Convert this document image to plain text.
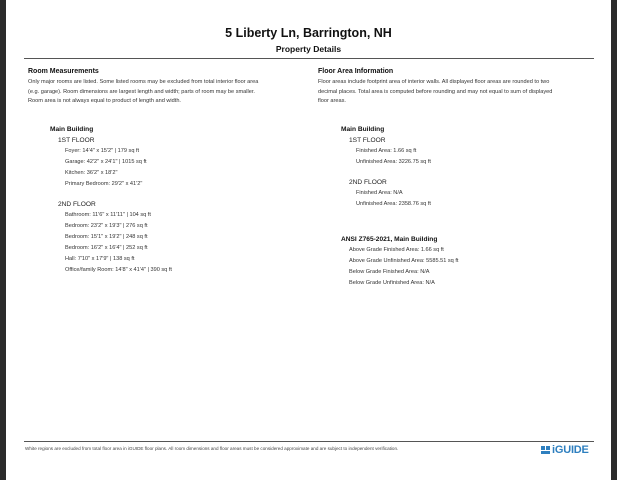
5 Liberty Ln, Barrington, NH
Property Details
Room Measurements
Only major rooms are listed. Some listed rooms may be excluded from total interior floor area
(e.g. garage). Room dimensions are largest length and width; parts of room may be smaller.
Room area is not always equal to product of length and width.
Main Building
1ST FLOOR
Foyer: 14'4" x 15'2" | 179 sq ft
Garage: 42'2" x 24'1" | 1015 sq ft
Kitchen: 36'2" x 18'2"
Primary Bedroom: 29'2" x 41'2"
2ND FLOOR
Bathroom: 11'6" x 11'11" | 104 sq ft
Bedroom: 23'2" x 19'3" | 276 sq ft
Bedroom: 15'1" x 19'2" | 248 sq ft
Bedroom: 16'2" x 16'4" | 252 sq ft
Hall: 7'10" x 17'9" | 138 sq ft
Office/family Room: 14'8" x 41'4" | 390 sq ft
Floor Area Information
Floor areas include footprint area of interior walls. All displayed floor areas are rounded to two
decimal places. Total area is computed before rounding and may not equal to sum of displayed
floor areas.
Main Building
1ST FLOOR
Finished Area: 1.66 sq ft
Unfinished Area: 3226.75 sq ft
2ND FLOOR
Finished Area: N/A
Unfinished Area: 2358.76 sq ft
ANSI Z765-2021, Main Building
Above Grade Finished Area: 1.66 sq ft
Above Grade Unfinished Area: 5585.51 sq ft
Below Grade Finished Area: N/A
Below Grade Unfinished Area: N/A
White regions are excluded from total floor area in iGUIDE floor plans. All room dimensions and floor areas must be considered approximate and are subject to independent verification.	iGUIDE
